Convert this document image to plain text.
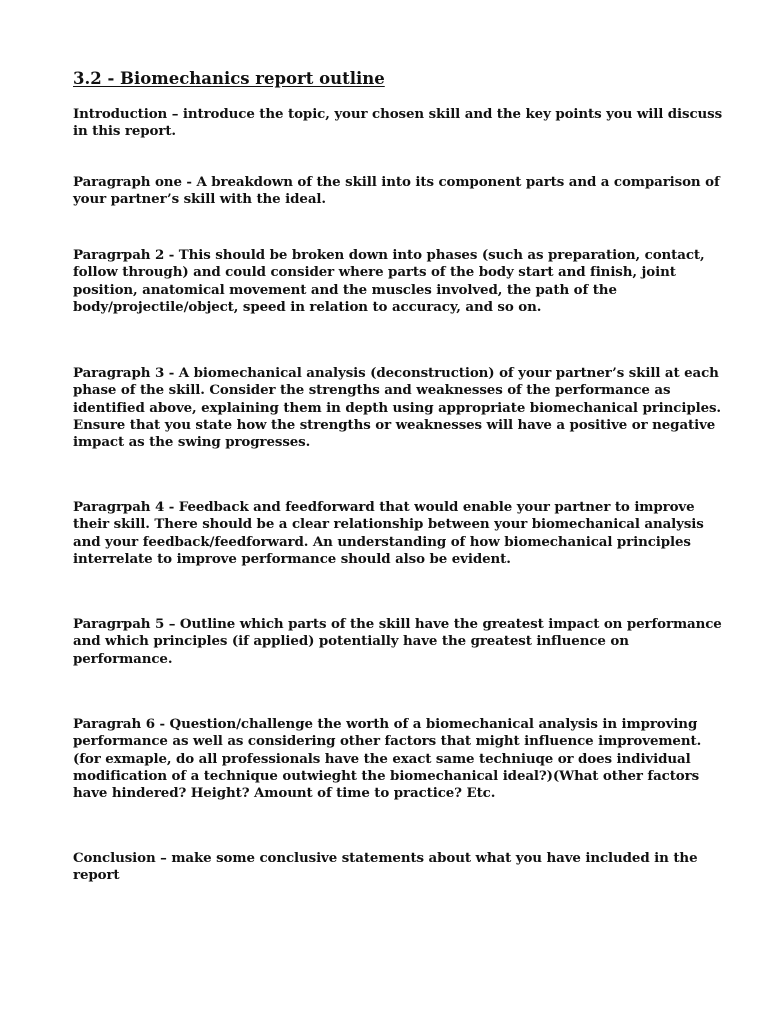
3.2 - Biomechanics report outline
Introduction – introduce the topic, your chosen skill and the key points you will discuss
in this report.
Paragraph one - A breakdown of the skill into its component parts and a comparison of
your partner’s skill with the ideal.
Paragrpah 2 - This should be broken down into phases (such as preparation, contact,
follow through) and could consider where parts of the body start and finish, joint
position, anatomical movement and the muscles involved, the path of the
body/projectile/object, speed in relation to accuracy, and so on.
Paragraph 3 - A biomechanical analysis (deconstruction) of your partner’s skill at each
phase of the skill. Consider the strengths and weaknesses of the performance as
identified above, explaining them in depth using appropriate biomechanical principles.
Ensure that you state how the strengths or weaknesses will have a positive or negative
impact as the swing progresses.
Paragrpah 4 - Feedback and feedforward that would enable your partner to improve
their skill. There should be a clear relationship between your biomechanical analysis
and your feedback/feedforward. An understanding of how biomechanical principles
interrelate to improve performance should also be evident.
Paragrpah 5 – Outline which parts of the skill have the greatest impact on performance
and which principles (if applied) potentially have the greatest influence on
performance.
Paragrah 6 - Question/challenge the worth of a biomechanical analysis in improving
performance as well as considering other factors that might influence improvement.
(for exmaple, do all professionals have the exact same techniuqe or does individual
modification of a technique outwieght the biomechanical ideal?)(What other factors
have hindered? Height? Amount of time to practice? Etc.
Conclusion – make some conclusive statements about what you have included in the
report
